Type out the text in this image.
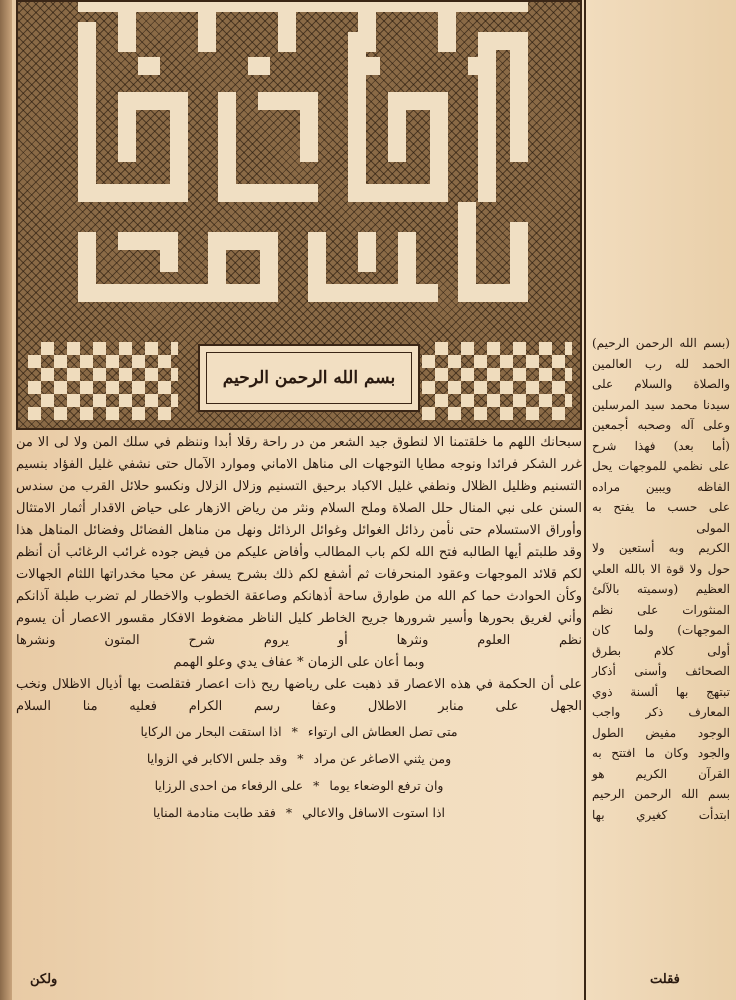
بسم الله الرحمن الرحيم

سبحانك اللهم ما خلقتمنا الا لنطوق جيد الشعر من در راحة رقلا أبدا وننظم في سلك المن ولا لى الا من غرر الشكر فرائدا ونوجه مطايا التوجهات الى مناهل الاماني وموارد الآمال حتى نشفي غليل الفؤاد بنسيم التسنيم وظليل الظلال ونطفي غليل الاكباد برحيق التسنيم وزلال الزلال ونكسو حلائل القرب من سندس السنن على نبي المنال حلل الصلاة وملح السلام ونثر من رياض الازهار على حياض الاقدار أثمار الامتثال وأوراق الاستسلام حتى نأمن رذائل الغوائل وغوائل الرذائل ونهل من مناهل الفضائل وفضائل المناهل هذا وقد طلبتم أيها الطالبه فتح الله لكم باب المطالب وأفاض عليكم من فيض جوده غرائب الرغائب أن أنظم لكم قلائد الموجهات وعقود المنحرفات ثم أشفع لكم ذلك بشرح يسفر عن محيا مخدراتها اللثام الجهالات وكأن الحوادث حما كم الله من طوارق ساحة أذهانكم وصاعقة الخطوب والاخطار لم تضرب طبلة آذانكم وأني لغريق بحورها وأسير شرورها جريح الخاطر كليل الناظر مضغوط الافكار مقسور الاعصار أن يسوم نظم العلوم ونثرها أو يروم شرح المتون ونشرها

وبما أعان على الزمان * عفاف يدي وعلو الهمم

على أن الحكمة في هذه الاعصار قد ذهبت على رياضها ريح ذات اعصار فتقلصت بها أذيال الاظلال ونخب الجهل على منابر الاطلال وعفا رسم الكرام فعليه منا السلام

متى تصل العطاش الى ارتواء
*
اذا استقت البحار من الركايا
ومن يثني الاصاغر عن مراد
*
وقد جلس الاكابر في الزوايا
وان ترفع الوضعاء يوما
*
على الرفعاء من احدى الرزايا
اذا استوت الاسافل والاعالي
*
فقد طابت منادمة المنايا

(بسم الله الرحمن الرحيم)

الحمد لله رب العالمين

والصلاة والسلام على

سيدنا محمد سيد المرسلين

وعلى آله وصحبه أجمعين

(أما بعد) فهذا شرح

على نظمي للموجهات يحل

الفاظه ويبين مراده

على حسب ما يفتح به المولى

الكريم وبه أستعين ولا

حول ولا قوة الا بالله العلي

العظيم (وسميته بالآلئ

المنثورات على نظم

الموجهات) ولما كان

أولى كلام بطرق

الصحائف وأسنى أذكار

تبتهج بها ألسنة ذوي

المعارف ذكر واجب

الوجود مفيض الطول

والجود وكان ما افتتح به

القرآن الكريم هو

بسم الله الرحمن الرحيم

ابتدأت كغيري بها

ولكن	فقلت
